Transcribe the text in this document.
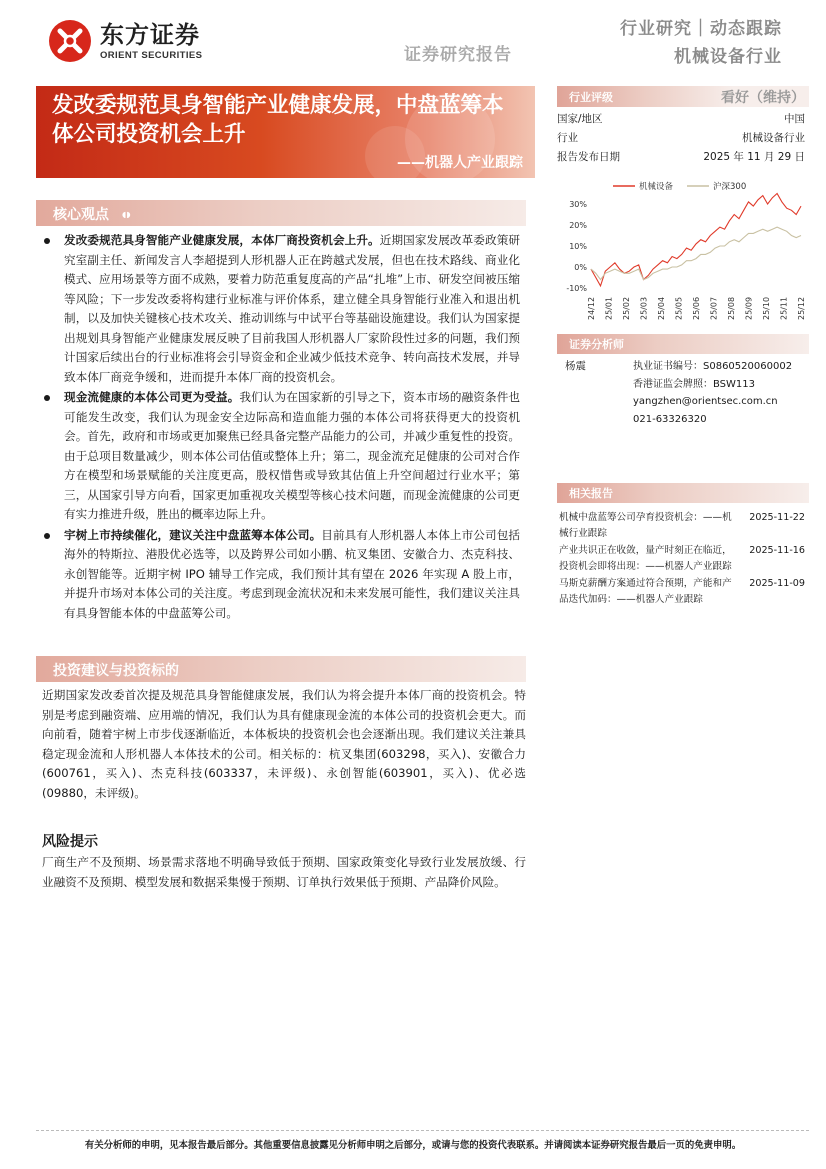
东方证券
ORIENT SECURITIES	证券研究报告
行业研究｜动态跟踪
机械设备行业
发改委规范具身智能产业健康发展，中盘蓝筹本体公司投资机会上升
——机器人产业跟踪
核心观点 ◖◗
发改委规范具身智能产业健康发展，本体厂商投资机会上升。近期国家发展改革委政策研究室副主任、新闻发言人李超提到人形机器人正在跨越式发展，但也在技术路线、商业化模式、应用场景等方面不成熟，要着力防范重复度高的产品“扎堆”上市、研发空间被压缩等风险；下一步发改委将构建行业标准与评价体系，建立健全具身智能行业准入和退出机制，以及加快关键核心技术攻关、推动训练与中试平台等基础设施建设。我们认为国家提出规划具身智能产业健康发展反映了目前我国人形机器人厂家阶段性过多的问题，我们预计国家后续出台的行业标准将会引导资金和企业减少低技术竞争、转向高技术发展，并导致本体厂商竞争缓和，进而提升本体厂商的投资机会。
现金流健康的本体公司更为受益。我们认为在国家新的引导之下，资本市场的融资条件也可能发生改变，我们认为现金安全边际高和造血能力强的本体公司将获得更大的投资机会。首先，政府和市场或更加聚焦已经具备完整产品能力的公司，并减少重复性的投资。由于总项目数量减少，则本体公司估值或整体上升；第二，现金流充足健康的公司对合作方在模型和场景赋能的关注度更高，股权惜售或导致其估值上升空间超过行业水平；第三，从国家引导方向看，国家更加重视攻关模型等核心技术问题，而现金流健康的公司更有实力推进升级，胜出的概率边际上升。
宇树上市持续催化，建议关注中盘蓝筹本体公司。目前具有人形机器人本体上市公司包括海外的特斯拉、港股优必选等，以及跨界公司如小鹏、杭叉集团、安徽合力、杰克科技、永创智能等。近期宇树 IPO 辅导工作完成，我们预计其有望在 2026 年实现 A 股上市，并提升市场对本体公司的关注度。考虑到现金流状况和未来发展可能性，我们建议关注具有具身智能本体的中盘蓝筹公司。
投资建议与投资标的
近期国家发改委首次提及规范具身智能健康发展，我们认为将会提升本体厂商的投资机会。特别是考虑到融资端、应用端的情况，我们认为具有健康现金流的本体公司的投资机会更大。而向前看，随着宇树上市步伐逐渐临近，本体板块的投资机会也会逐渐出现。我们建议关注兼具稳定现金流和人形机器人本体技术的公司。相关标的：杭叉集团(603298，买入)、安徽合力(600761，买入)、杰克科技(603337，未评级)、永创智能(603901，买入)、优必选(09880，未评级)。
风险提示
厂商生产不及预期、场景需求落地不明确导致低于预期、国家政策变化导致行业发展放缓、行业融资不及预期、模型发展和数据采集慢于预期、订单执行效果低于预期、产品降价风险。
行业评级	看好（维持）
国家/地区	中国
行业	机械设备行业
报告发布日期	2025 年 11 月 29 日
机械设备	沪深300
30%
20%
10%
0%
-10%
24/12 25/01 25/02 25/03 25/04 25/05 25/06 25/07 25/08 25/09 25/10 25/11 25/12
证券分析师
杨震	执业证书编号：S0860520060002
香港证监会牌照：BSW113
yangzhen@orientsec.com.cn
021-63326320
相关报告
机械中盘蓝筹公司孕育投资机会：——机械行业跟踪
2025-11-22
产业共识正在收敛，量产时刻正在临近，投资机会即将出现：——机器人产业跟踪
2025-11-16
马斯克薪酬方案通过符合预期，产能和产品迭代加码：——机器人产业跟踪
2025-11-09
有关分析师的申明，见本报告最后部分。其他重要信息披露见分析师申明之后部分，或请与您的投资代表联系。并请阅读本证券研究报告最后一页的免责申明。
